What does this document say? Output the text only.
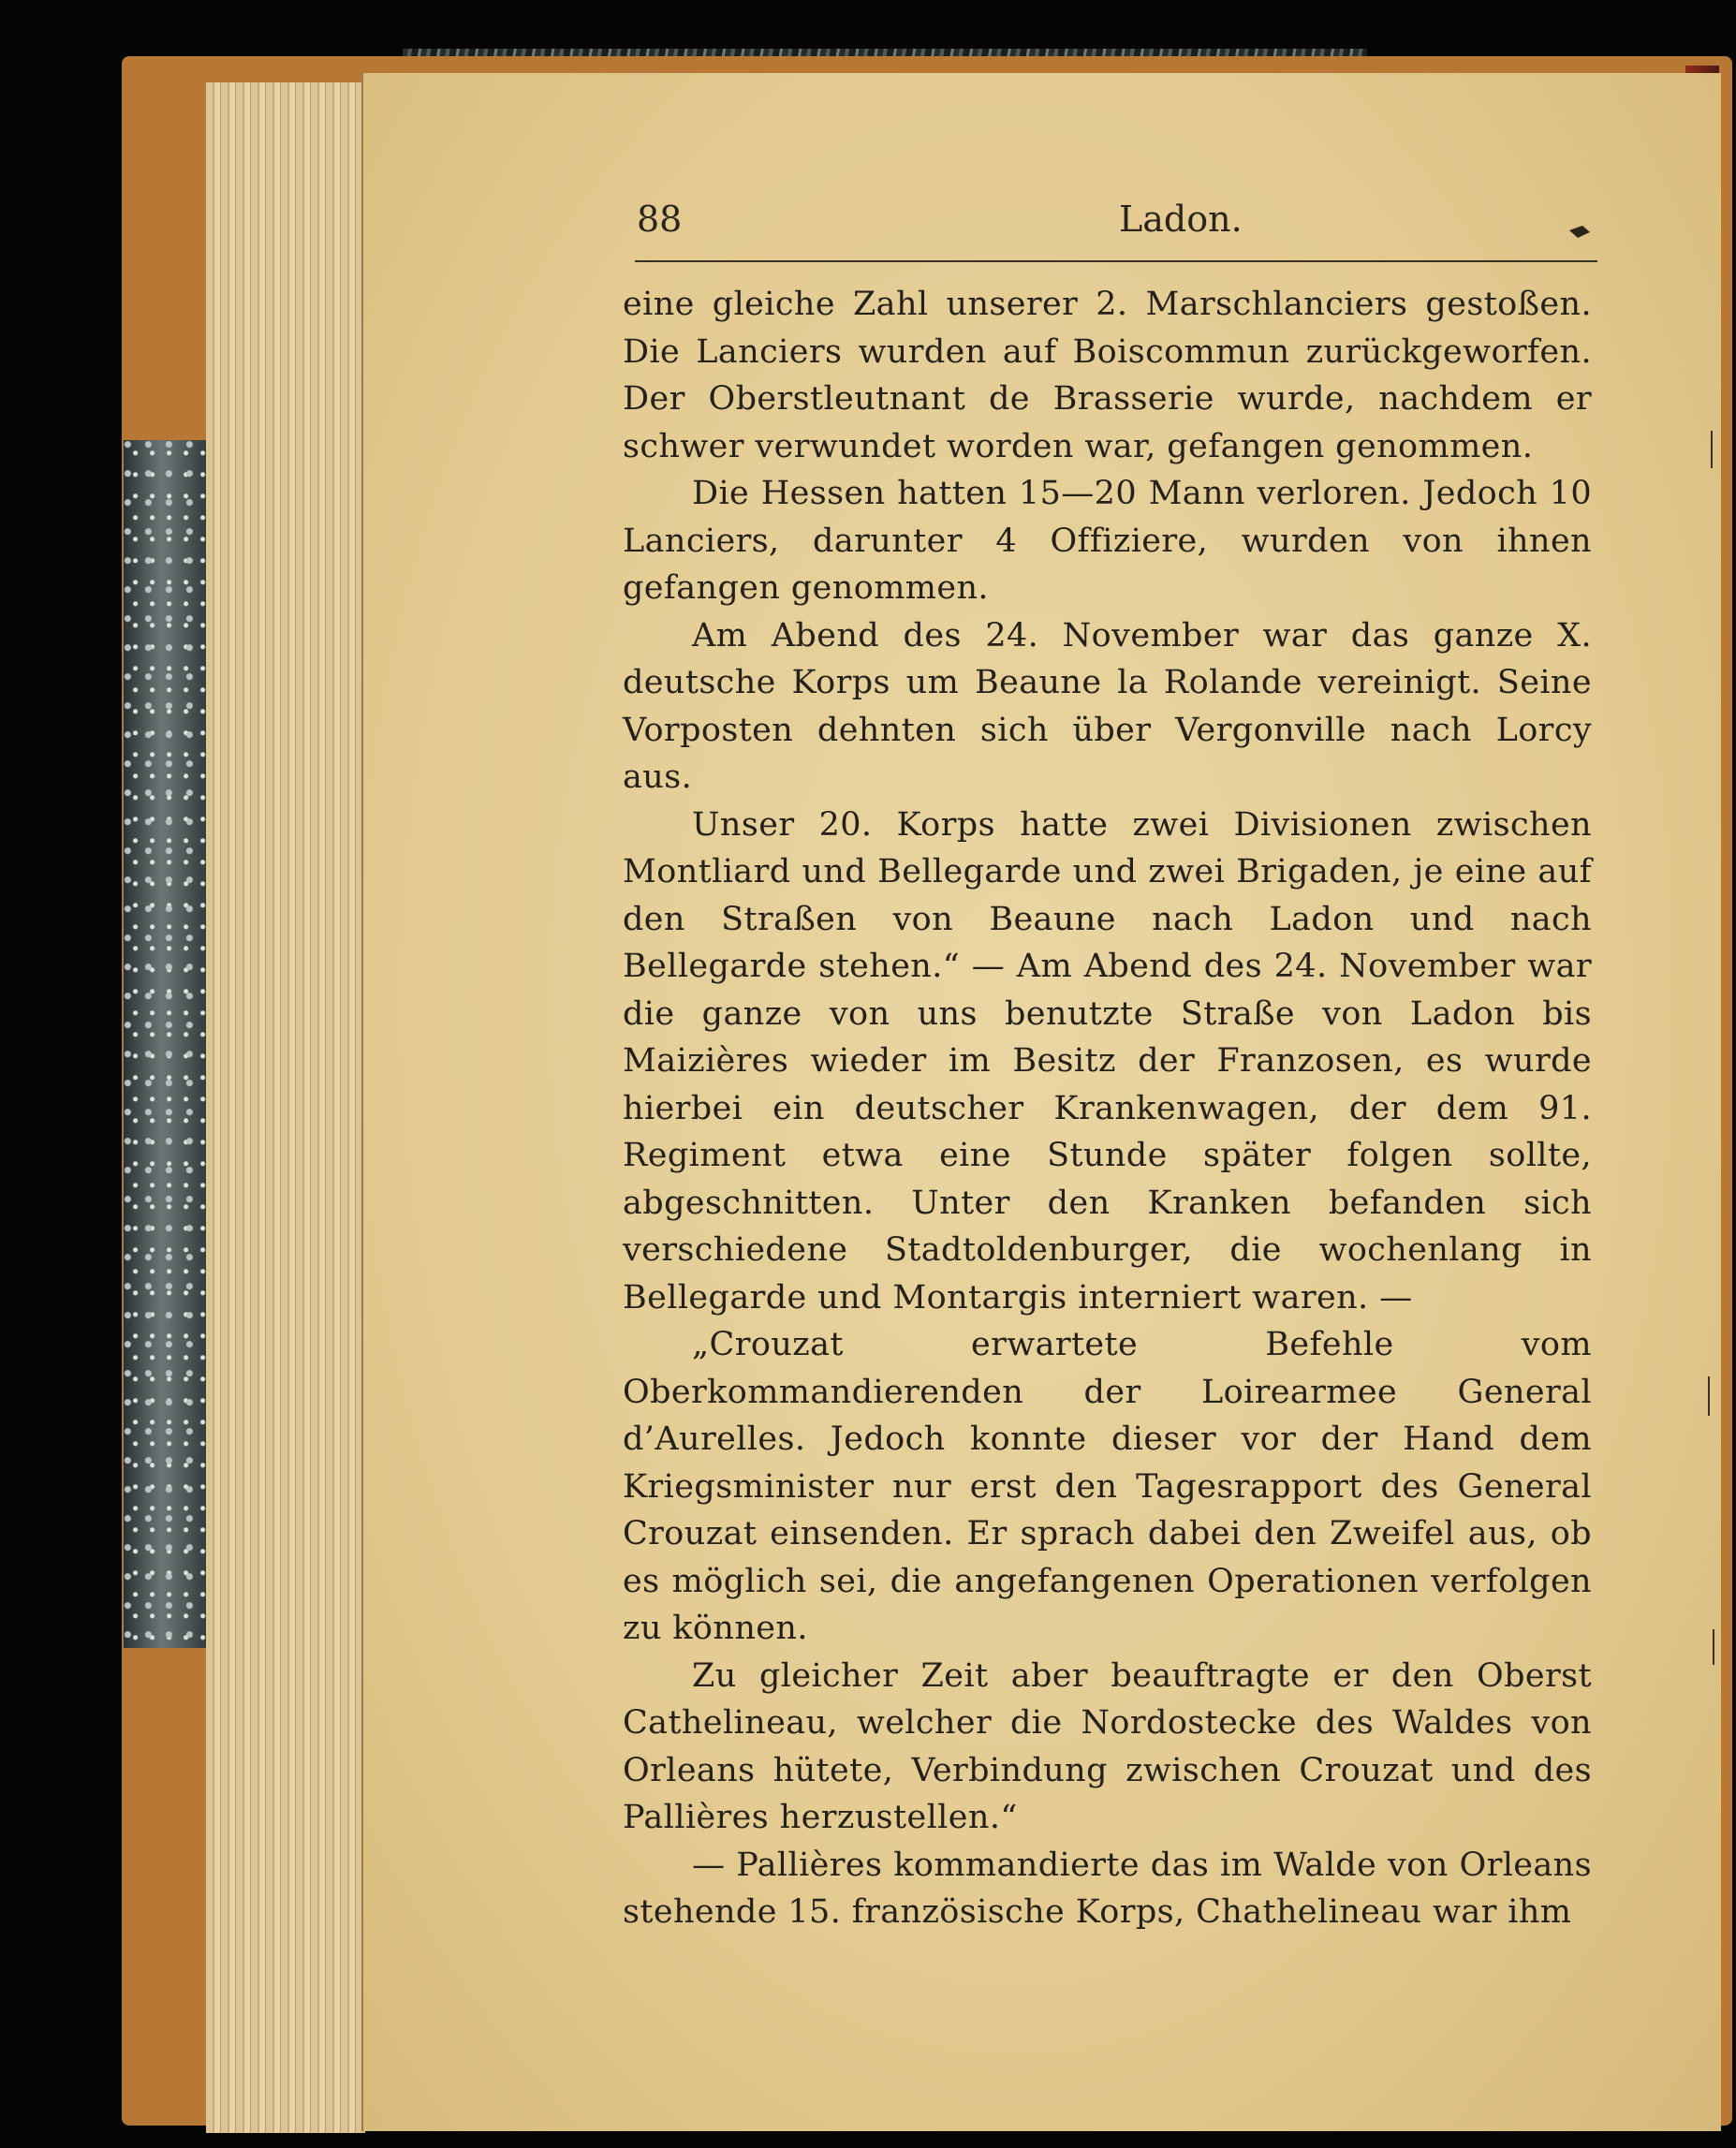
88	Ladon.

eine gleiche Zahl unserer 2. Marschlanciers gestoßen. Die Lanciers wurden auf Boiscommun zurückgeworfen. Der Oberstleutnant de Brasserie wurde, nachdem er schwer verwundet worden war, gefangen genommen.

Die Hessen hatten 15—20 Mann verloren. Jedoch 10 Lanciers, darunter 4 Offiziere, wurden von ihnen gefangen genommen.

Am Abend des 24. November war das ganze X. deutsche Korps um Beaune la Rolande vereinigt. Seine Vorposten dehnten sich über Vergonville nach Lorcy aus.

Unser 20. Korps hatte zwei Divisionen zwischen Montliard und Bellegarde und zwei Brigaden, je eine auf den Straßen von Beaune nach Ladon und nach Bellegarde stehen.“ — Am Abend des 24. November war die ganze von uns benutzte Straße von Ladon bis Maizières wieder im Besitz der Franzosen, es wurde hierbei ein deutscher Krankenwagen, der dem 91. Regiment etwa eine Stunde später folgen sollte, abgeschnitten. Unter den Kranken befanden sich verschiedene Stadtoldenburger, die wochenlang in Bellegarde und Montargis interniert waren. —

„Crouzat erwartete Befehle vom Oberkommandierenden der Loirearmee General d’Aurelles. Jedoch konnte dieser vor der Hand dem Kriegsminister nur erst den Tagesrapport des General Crouzat einsenden. Er sprach dabei den Zweifel aus, ob es möglich sei, die angefangenen Operationen verfolgen zu können.

Zu gleicher Zeit aber beauftragte er den Oberst Cathelineau, welcher die Nordostecke des Waldes von Orleans hütete, Verbindung zwischen Crouzat und des Pallières herzustellen.“

— Pallières kommandierte das im Walde von Orleans stehende 15. französische Korps, Chathelineau war ihm
